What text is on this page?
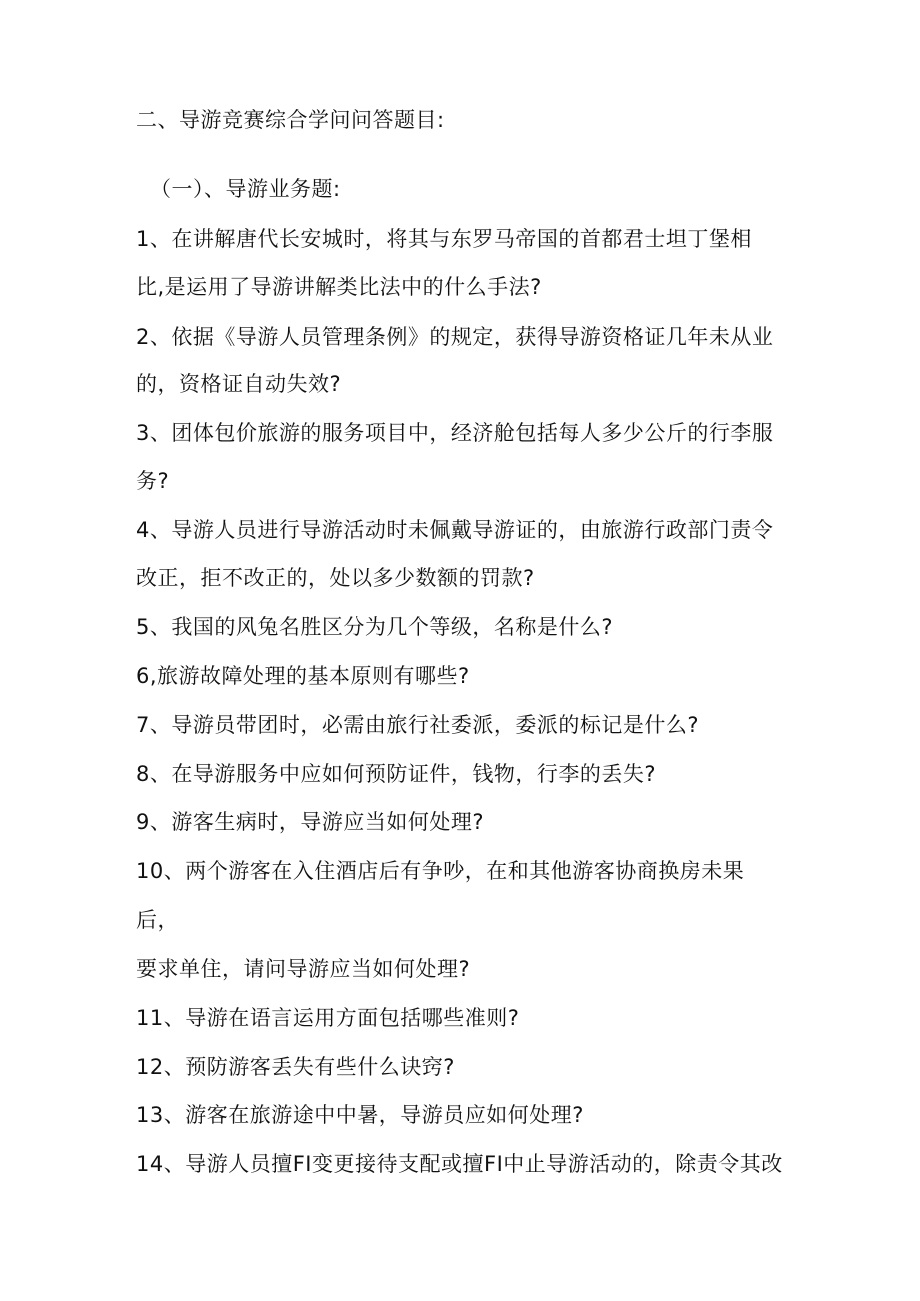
二、导游竞赛综合学问问答题目:
（一）、导游业务题:
1、在讲解唐代长安城时，将其与东罗马帝国的首都君士坦丁堡相
比,是运用了导游讲解类比法中的什么手法?
2、依据《导游人员管理条例》的规定，获得导游资格证几年未从业
的，资格证自动失效?
3、团体包价旅游的服务项目中，经济舱包括每人多少公斤的行李服
务?
4、导游人员进行导游活动时未佩戴导游证的，由旅游行政部门责令
改正，拒不改正的，处以多少数额的罚款?
5、我国的风兔名胜区分为几个等级，名称是什么?
6,旅游故障处理的基本原则有哪些?
7、导游员带团时，必需由旅行社委派，委派的标记是什么?
8、在导游服务中应如何预防证件，钱物，行李的丢失?
9、游客生病时，导游应当如何处理?
10、两个游客在入住酒店后有争吵，在和其他游客协商换房未果
后，
要求单住，请问导游应当如何处理?
11、导游在语言运用方面包括哪些准则?
12、预防游客丢失有些什么诀窍?
13、游客在旅游途中中暑，导游员应如何处理?
14、导游人员擅FI变更接待支配或擅FI中止导游活动的，除责令其改
